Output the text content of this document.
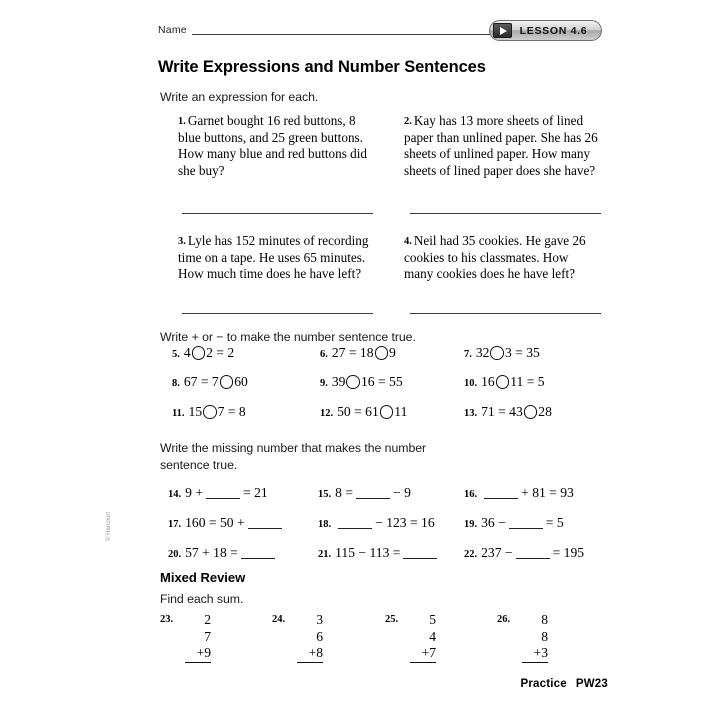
Name	LESSON 4.6
Write Expressions and Number Sentences
Write an expression for each.
1. Garnet bought 16 red buttons, 8 blue buttons, and 25 green buttons. How many blue and red buttons did she buy?
2. Kay has 13 more sheets of lined paper than unlined paper. She has 26 sheets of unlined paper. How many sheets of lined paper does she have?
3. Lyle has 152 minutes of recording time on a tape. He uses 65 minutes. How much time does he have left?
4. Neil had 35 cookies. He gave 26 cookies to his classmates. How many cookies does he have left?
Write + or − to make the number sentence true.
5. 4 2 = 2	6. 27 = 18 9	7. 32 3 = 35
8. 67 = 7 60	9. 39 16 = 55	10. 16 11 = 5
11. 15 7 = 8	12. 50 = 61 11	13. 71 = 43 28
Write the missing number that makes the number sentence true.
14. 9 +	= 21	15. 8 =	− 9	16.	+ 81 = 93
17. 160 = 50 +	18.	− 123 = 16	19. 36 −	= 5
20. 57 + 18 =	21. 115 − 113 =	22. 237 −	= 195
Mixed Review
Find each sum.
23.	2
7
+9
24.	3
6
+8
25.	5
4
+7
26.	8
8
+3
Practice PW23
© Harcourt
